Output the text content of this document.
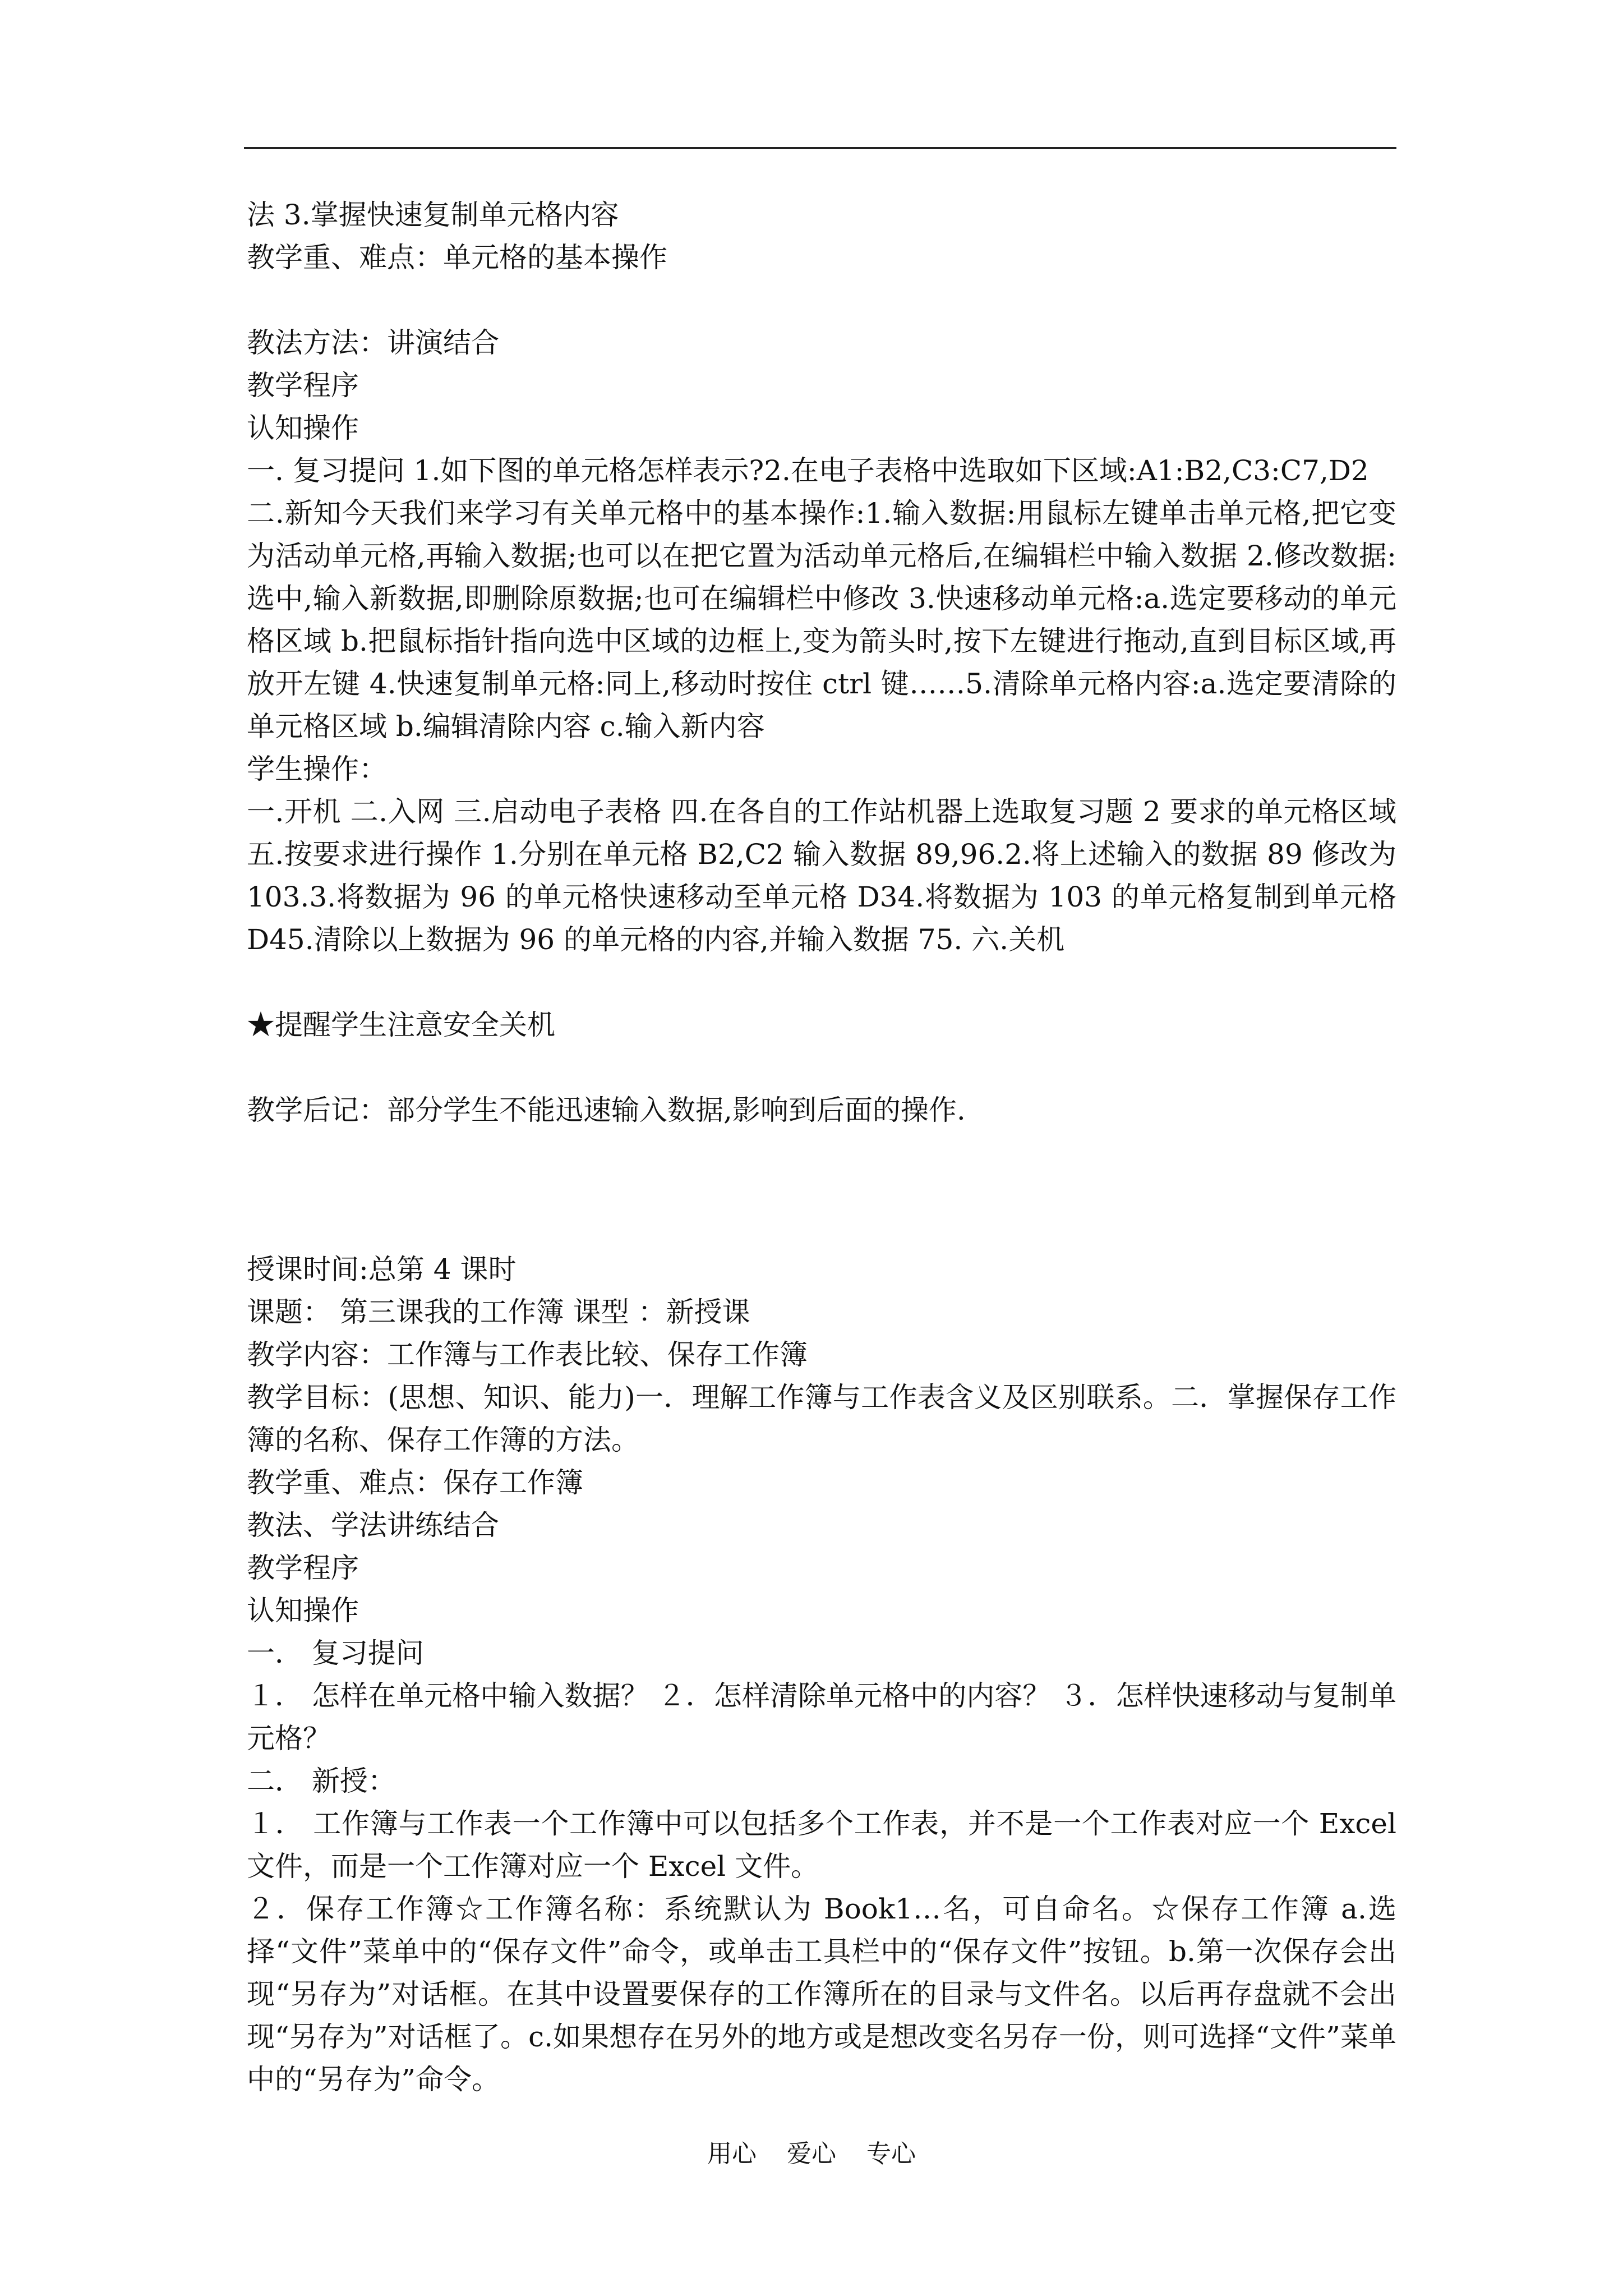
法 3.掌握快速复制单元格内容

教学重、难点：单元格的基本操作

教法方法：讲演结合

教学程序

认知操作

一. 复习提问 1.如下图的单元格怎样表示?2.在电子表格中选取如下区域:A1:B2,C3:C7,D2

二.新知今天我们来学习有关单元格中的基本操作:1.输入数据:用鼠标左键单击单元格,把它变为活动单元格,再输入数据;也可以在把它置为活动单元格后,在编辑栏中输入数据 2.修改数据:选中,输入新数据,即删除原数据;也可在编辑栏中修改 3.快速移动单元格:a.选定要移动的单元格区域 b.把鼠标指针指向选中区域的边框上,变为箭头时,按下左键进行拖动,直到目标区域,再放开左键 4.快速复制单元格:同上,移动时按住 ctrl 键……5.清除单元格内容:a.选定要清除的单元格区域 b.编辑清除内容 c.输入新内容

学生操作：

一.开机 二.入网 三.启动电子表格 四.在各自的工作站机器上选取复习题 2 要求的单元格区域 五.按要求进行操作 1.分别在单元格 B2,C2 输入数据 89,96.2.将上述输入的数据 89 修改为 103.3.将数据为 96 的单元格快速移动至单元格 D34.将数据为 103 的单元格复制到单元格 D45.清除以上数据为 96 的单元格的内容,并输入数据 75. 六.关机

★提醒学生注意安全关机

教学后记：部分学生不能迅速输入数据,影响到后面的操作.

授课时间:总第 4 课时

课题： 第三课我的工作簿 课型 ：新授课

教学内容：工作簿与工作表比较、保存工作簿

教学目标：(思想、知识、能力)一．理解工作簿与工作表含义及区别联系。二．掌握保存工作簿的名称、保存工作簿的方法。

教学重、难点：保存工作簿

教法、学法讲练结合

教学程序

认知操作

一． 复习提问

１． 怎样在单元格中输入数据？ ２．怎样清除单元格中的内容？ ３．怎样快速移动与复制单元格？

二． 新授：

１． 工作簿与工作表一个工作簿中可以包括多个工作表，并不是一个工作表对应一个 Excel 文件，而是一个工作簿对应一个 Excel 文件。

２．保存工作簿☆工作簿名称：系统默认为 Book1…名，可自命名。☆保存工作簿 a.选择“文件”菜单中的“保存文件”命令，或单击工具栏中的“保存文件”按钮。b.第一次保存会出现“另存为”对话框。在其中设置要保存的工作簿所在的目录与文件名。以后再存盘就不会出现“另存为”对话框了。c.如果想存在另外的地方或是想改变名另存一份，则可选择“文件”菜单中的“另存为”命令。

用心 爱心 专心
